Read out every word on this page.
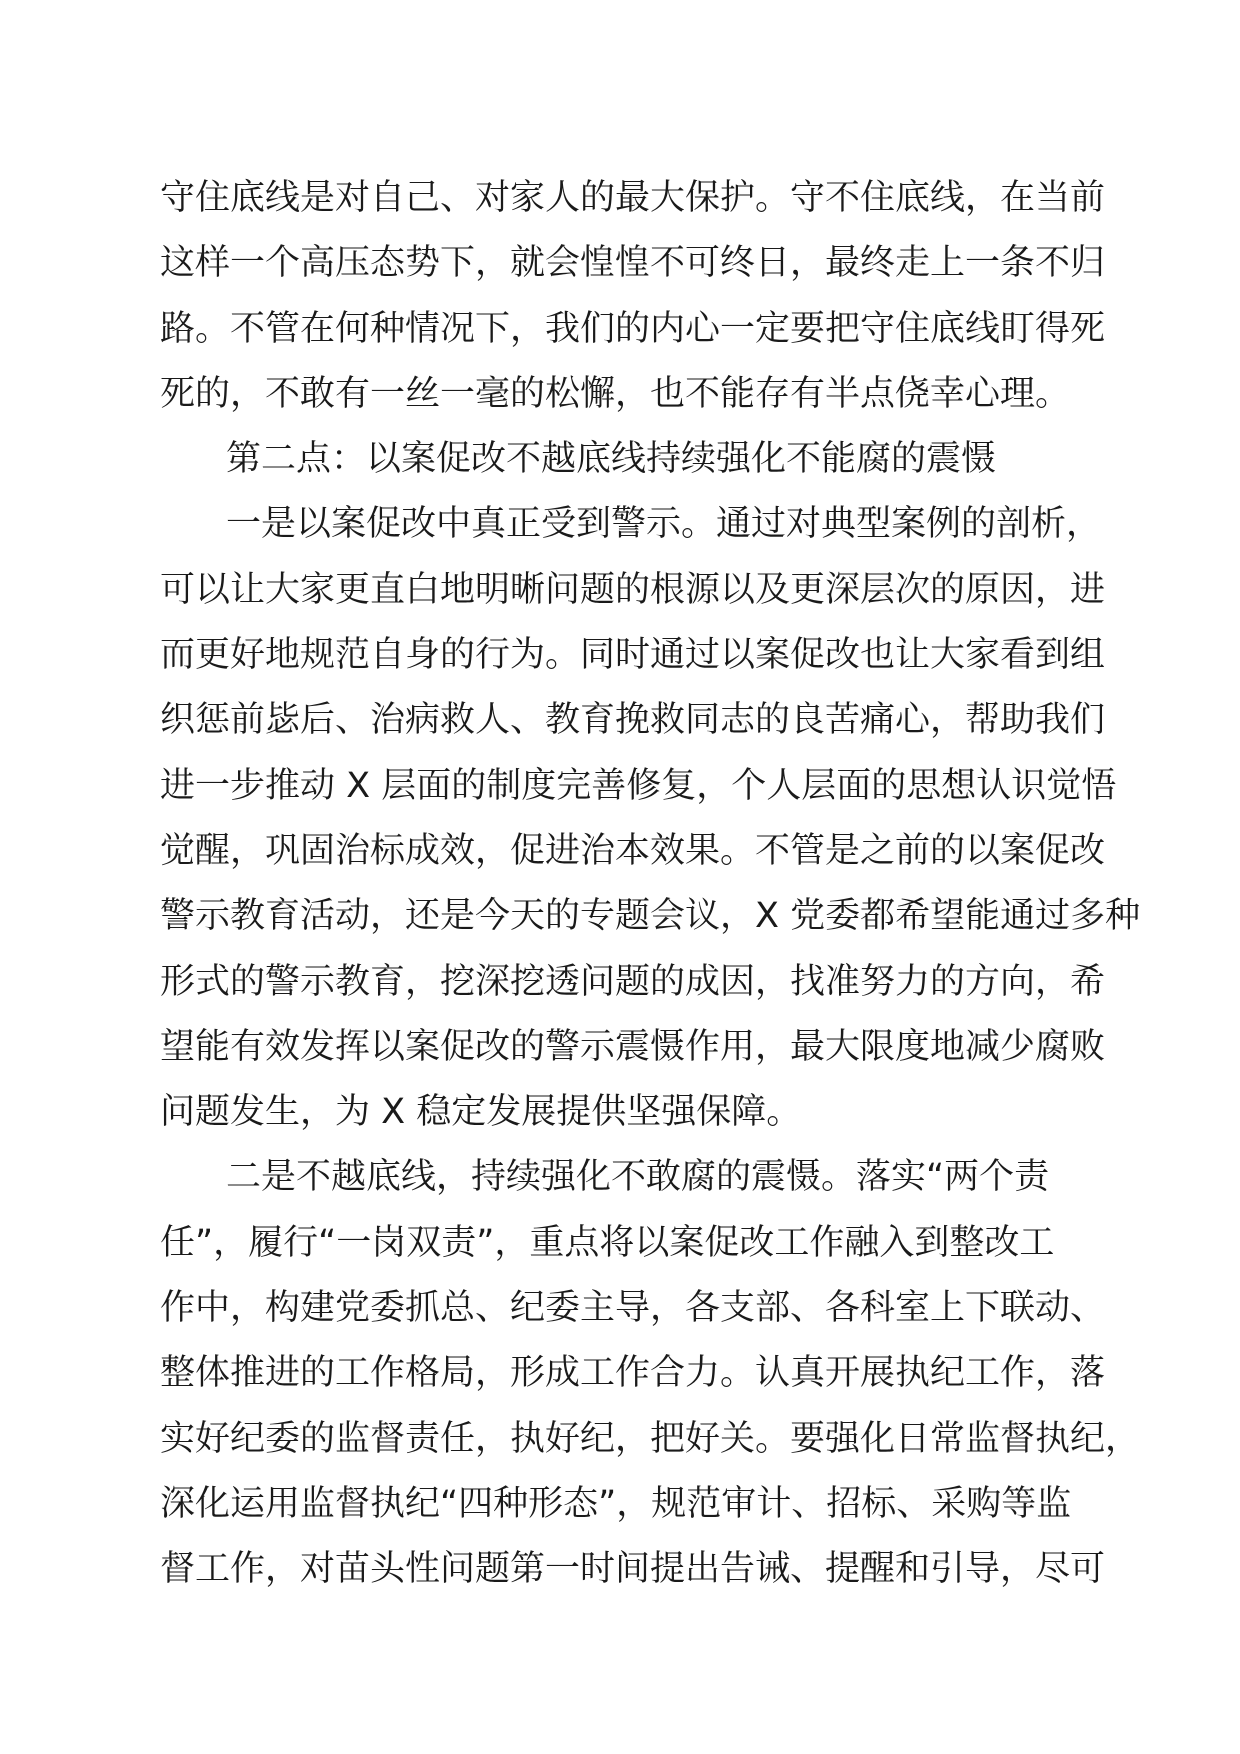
守住底线是对自己、对家人的最大保护。守不住底线，在当前
这样一个高压态势下，就会惶惶不可终日，最终走上一条不归
路。不管在何种情况下，我们的内心一定要把守住底线盯得死
死的，不敢有一丝一毫的松懈，也不能存有半点侥幸心理。
第二点：以案促改不越底线持续强化不能腐的震慑
一是以案促改中真正受到警示。通过对典型案例的剖析，
可以让大家更直白地明晰问题的根源以及更深层次的原因，进
而更好地规范自身的行为。同时通过以案促改也让大家看到组
织惩前毖后、治病救人、教育挽救同志的良苦痛心，帮助我们
进一步推动 X 层面的制度完善修复，个人层面的思想认识觉悟
觉醒，巩固治标成效，促进治本效果。不管是之前的以案促改
警示教育活动，还是今天的专题会议，X 党委都希望能通过多种
形式的警示教育，挖深挖透问题的成因，找准努力的方向，希
望能有效发挥以案促改的警示震慑作用，最大限度地减少腐败
问题发生，为 X 稳定发展提供坚强保障。
二是不越底线，持续强化不敢腐的震慑。落实“两个责
任”，履行“一岗双责”，重点将以案促改工作融入到整改工
作中，构建党委抓总、纪委主导，各支部、各科室上下联动、
整体推进的工作格局，形成工作合力。认真开展执纪工作，落
实好纪委的监督责任，执好纪，把好关。要强化日常监督执纪，
深化运用监督执纪“四种形态”，规范审计、招标、采购等监
督工作，对苗头性问题第一时间提出告诫、提醒和引导，尽可
